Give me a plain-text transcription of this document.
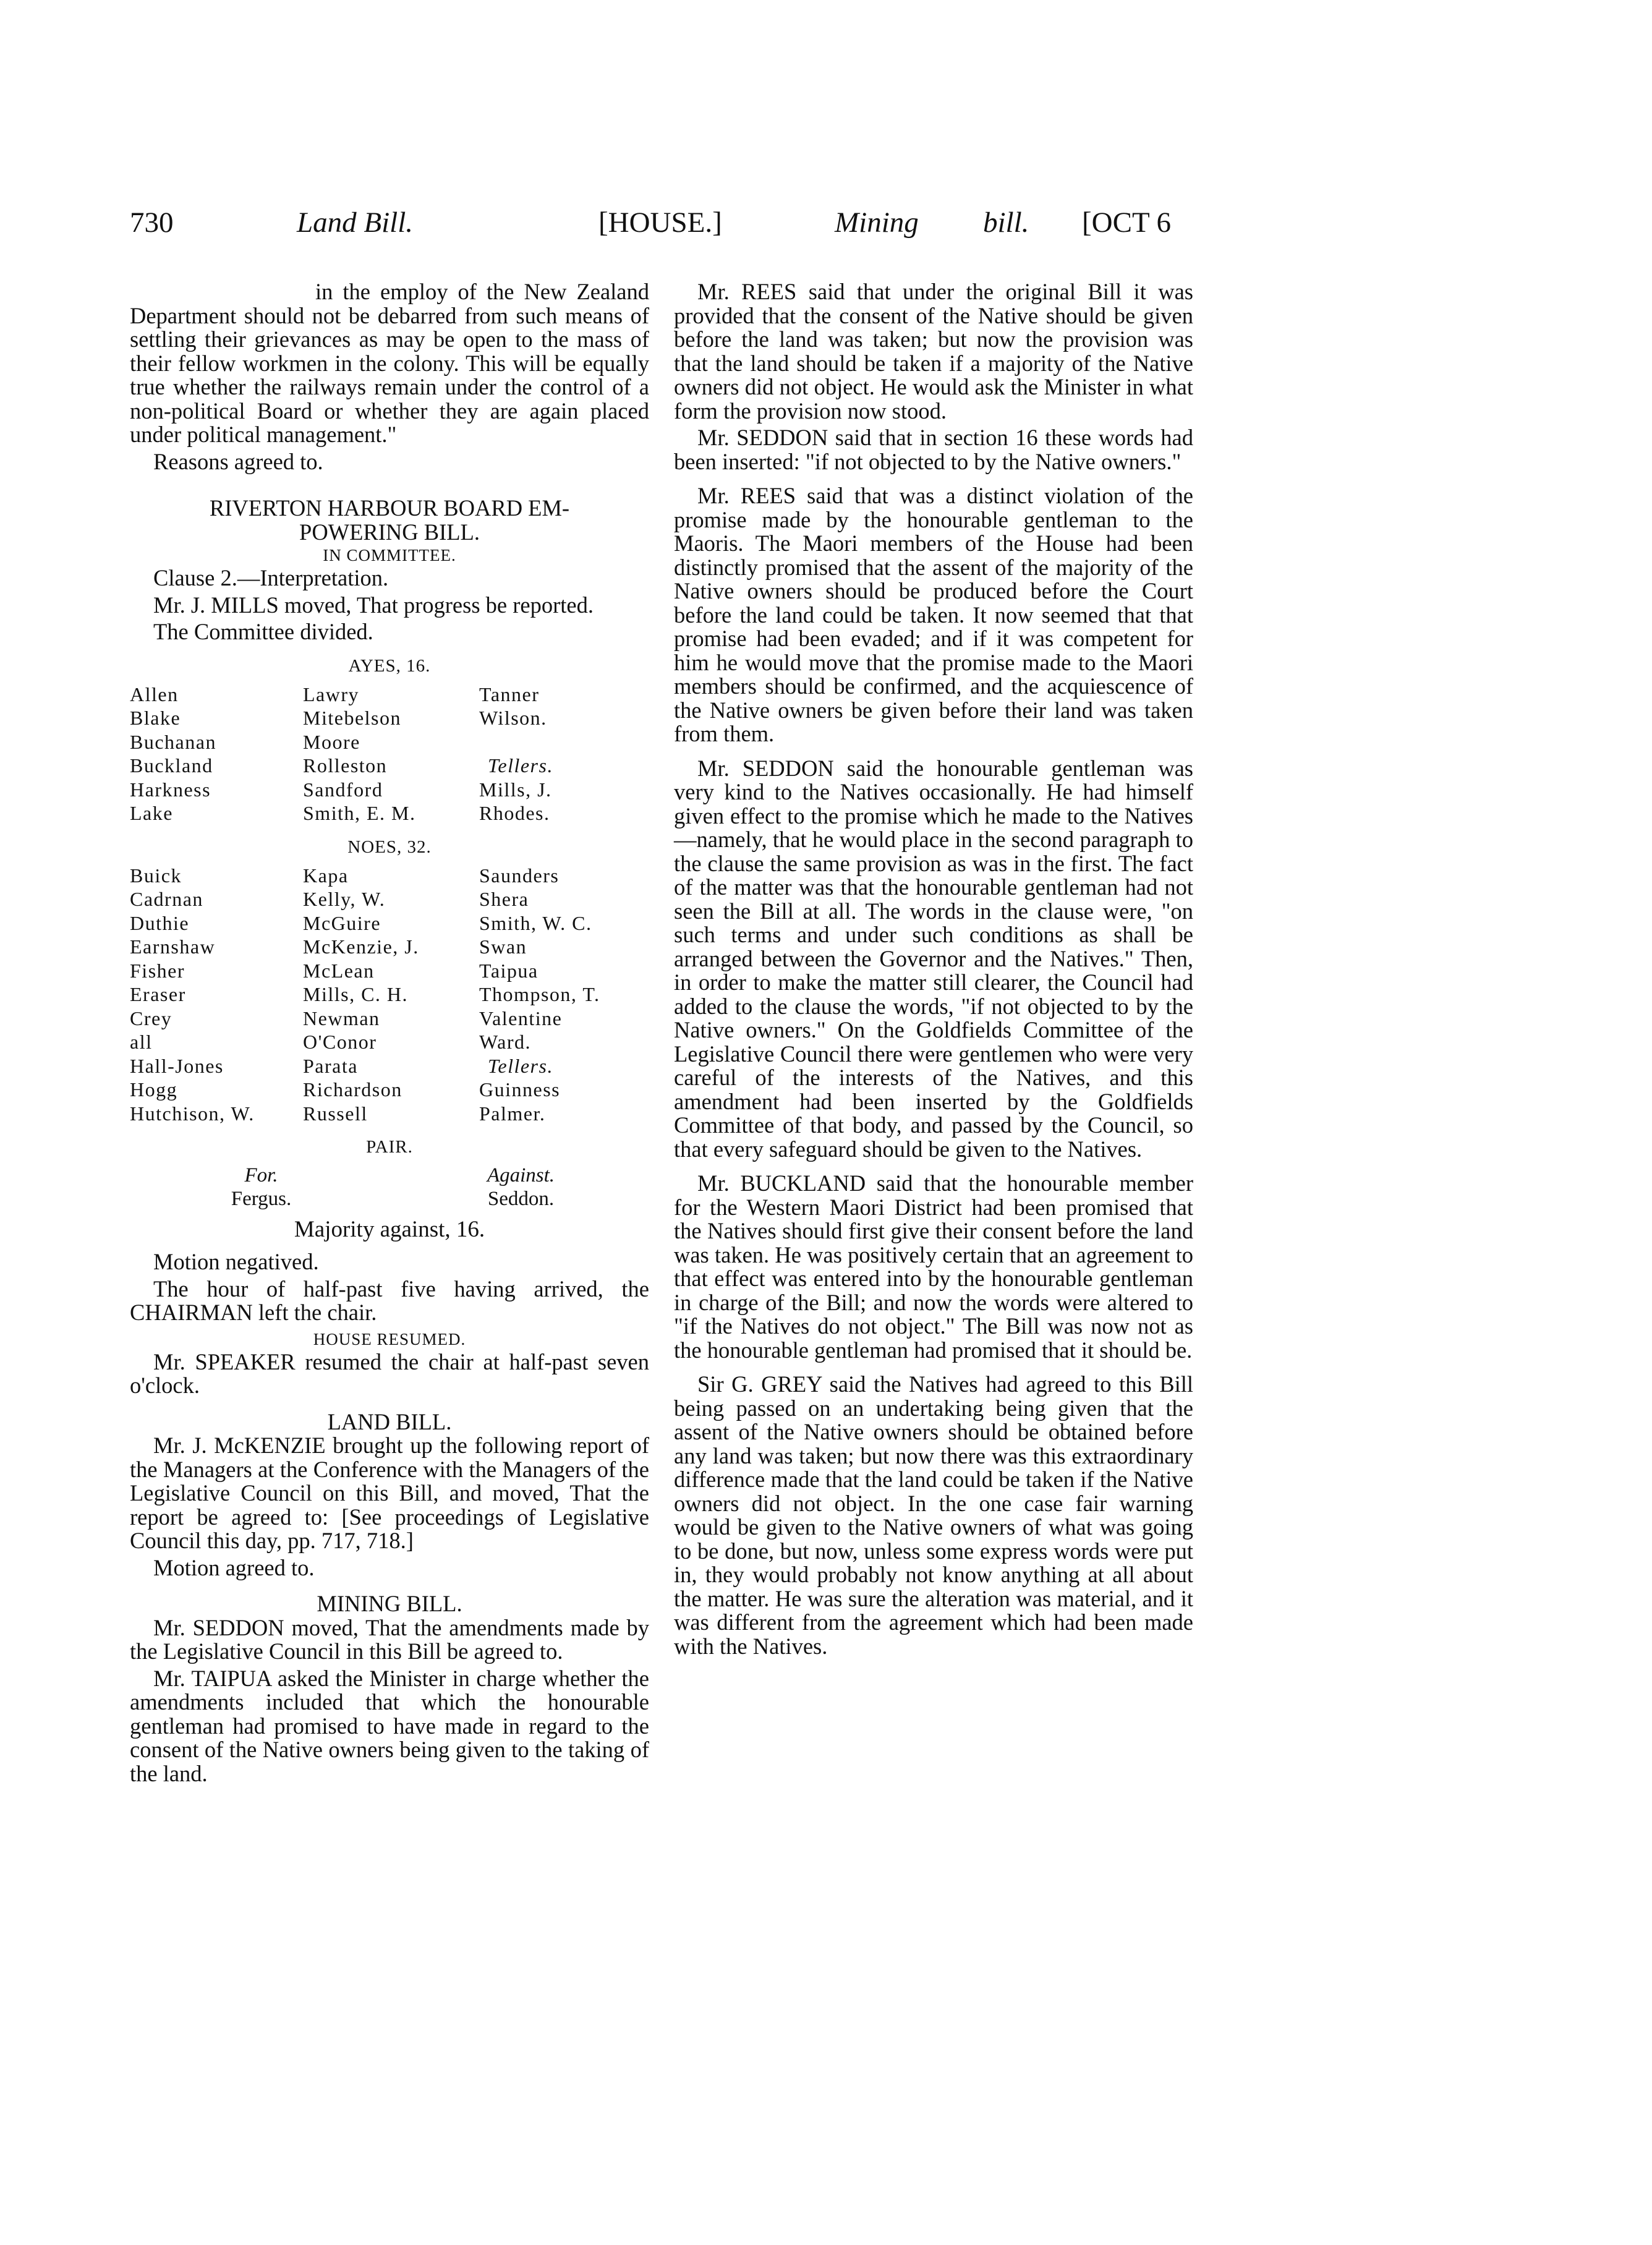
730	Land Bill.	[HOUSE.]	Mining bill. [OCT 6

in the employ of the New Zealand Department should not be debarred from such means of settling their grievances as may be open to the mass of their fellow workmen in the colony. This will be equally true whether the railways remain under the control of a non-political Board or whether they are again placed under political management."

Reasons agreed to.

RIVERTON HARBOUR BOARD EM-
POWERING BILL.
IN COMMITTEE.

Clause 2.—Interpretation.

Mr. J. MILLS moved, That progress be reported.

The Committee divided.

AYES, 16.
Allen	Lawry	Tanner
Blake	Mitebelson	Wilson.
Buchanan	Moore	
Buckland	Rolleston	Tellers.
Harkness	Sandford	Mills, J.
Lake	Smith, E. M.	Rhodes.
NOES, 32.
Buick	Kapa	Saunders
Cadrnan	Kelly, W.	Shera
Duthie	McGuire	Smith, W. C.
Earnshaw	McKenzie, J.	Swan
Fisher	McLean	Taipua
Eraser	Mills, C. H.	Thompson, T.
Crey	Newman	Valentine
all	O'Conor	Ward.
Hall-Jones	Parata	Tellers.
Hogg	Richardson	Guinness
Hutchison, W.	Russell	Palmer.
PAIR.
For.	Against.
Fergus.	Seddon.
Majority against, 16.

Motion negatived.

The hour of half-past five having arrived, the CHAIRMAN left the chair.

HOUSE RESUMED.

Mr. SPEAKER resumed the chair at half-past seven o'clock.

LAND BILL.

Mr. J. McKENZIE brought up the following report of the Managers at the Conference with the Managers of the Legislative Council on this Bill, and moved, That the report be agreed to: [See proceedings of Legislative Council this day, pp. 717, 718.]

Motion agreed to.

MINING BILL.

Mr. SEDDON moved, That the amendments made by the Legislative Council in this Bill be agreed to.

Mr. TAIPUA asked the Minister in charge whether the amendments included that which the honourable gentleman had promised to have made in regard to the consent of the Native owners being given to the taking of the land.

Mr. REES said that under the original Bill it was provided that the consent of the Native should be given before the land was taken; but now the provision was that the land should be taken if a majority of the Native owners did not object. He would ask the Minister in what form the provision now stood.

Mr. SEDDON said that in section 16 these words had been inserted: "if not objected to by the Native owners."

Mr. REES said that was a distinct violation of the promise made by the honourable gentleman to the Maoris. The Maori members of the House had been distinctly promised that the assent of the majority of the Native owners should be produced before the Court before the land could be taken. It now seemed that that promise had been evaded; and if it was competent for him he would move that the promise made to the Maori members should be confirmed, and the acquiescence of the Native owners be given before their land was taken from them.

Mr. SEDDON said the honourable gentleman was very kind to the Natives occasionally. He had himself given effect to the promise which he made to the Natives—namely, that he would place in the second paragraph to the clause the same provision as was in the first. The fact of the matter was that the honourable gentleman had not seen the Bill at all. The words in the clause were, "on such terms and under such conditions as shall be arranged between the Governor and the Natives." Then, in order to make the matter still clearer, the Council had added to the clause the words, "if not objected to by the Native owners." On the Goldfields Committee of the Legislative Council there were gentlemen who were very careful of the interests of the Natives, and this amendment had been inserted by the Goldfields Committee of that body, and passed by the Council, so that every safeguard should be given to the Natives.

Mr. BUCKLAND said that the honourable member for the Western Maori District had been promised that the Natives should first give their consent before the land was taken. He was positively certain that an agreement to that effect was entered into by the honourable gentleman in charge of the Bill; and now the words were altered to "if the Natives do not object." The Bill was now not as the honourable gentleman had promised that it should be.

Sir G. GREY said the Natives had agreed to this Bill being passed on an undertaking being given that the assent of the Native owners should be obtained before any land was taken; but now there was this extraordinary difference made that the land could be taken if the Native owners did not object. In the one case fair warning would be given to the Native owners of what was going to be done, but now, unless some express words were put in, they would probably not know anything at all about the matter. He was sure the alteration was material, and it was different from the agreement which had been made with the Natives.
